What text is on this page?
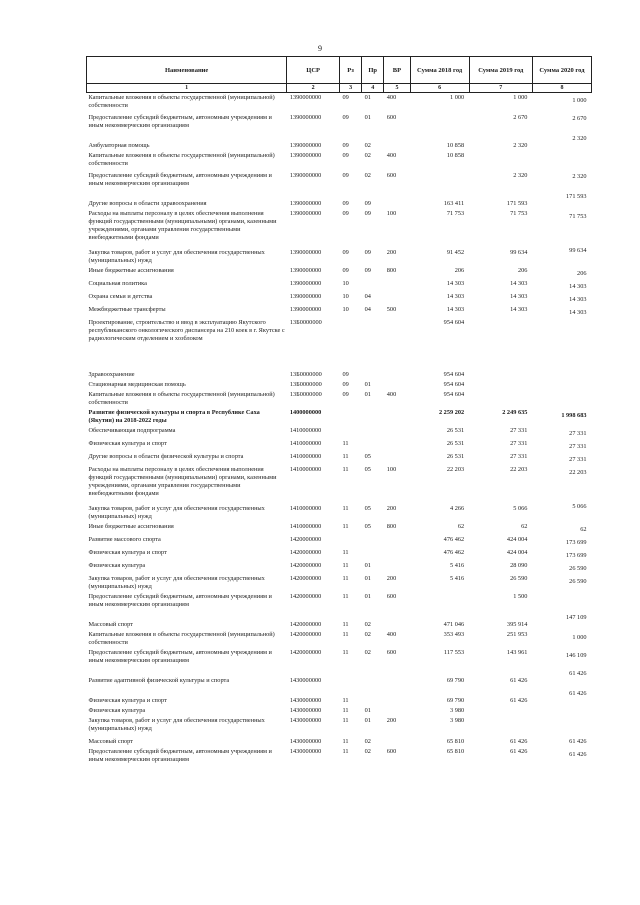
9
Наименование	ЦСР	Рз	Пр	ВР	Сумма 2018 год	Сумма 2019 год	Сумма 2020 год
1	2	3	4	5	6	7	8
Капитальные вложения в объекты государственной (муниципальной) собственности	1390000000	09	01	400	1 000	1 000	1 000
Предоставление субсидий бюджетным, автономным учреждениям и иным некоммерческим организациям	1390000000	09	01	600		2 670	2 670
Амбулаторная помощь	1390000000	09	02		10 858	2 320	2 320
Капитальные вложения в объекты государственной (муниципальной) собственности	1390000000	09	02	400	10 858		
Предоставление субсидий бюджетным, автономным учреждениям и иным некоммерческим организациям	1390000000	09	02	600		2 320	2 320
Другие вопросы в области здравоохранения	1390000000	09	09		163 411	171 593	171 593
Расходы на выплаты персоналу в целях обеспечения выполнения функций государственными (муниципальными) органами, казенными учреждениями, органами управления государственными внебюджетными фондами	1390000000	09	09	100	71 753	71 753	71 753
Закупка товаров, работ и услуг для обеспечения государственных (муниципальных) нужд	1390000000	09	09	200	91 452	99 634	99 634
Иные бюджетные ассигнования	1390000000	09	09	800	206	206	206
Социальная политика	1390000000	10			14 303	14 303	14 303
Охрана семьи и детства	1390000000	10	04		14 303	14 303	14 303
Межбюджетные трансферты	1390000000	10	04	500	14 303	14 303	14 303
Проектирование, строительство и ввод в эксплуатацию Якутского республиканского онкологического диспансера на 210 коек в г. Якутске с радиологическим отделением и хозблоком	13Б0000000				954 604		
Здравоохранение	13Б0000000	09			954 604		
Стационарная медицинская помощь	13Б0000000	09	01		954 604		
Капитальные вложения в объекты государственной (муниципальной) собственности	13Б0000000	09	01	400	954 604		
Развитие физической культуры и спорта в Республике Саха (Якутия) на 2018-2022 годы	1400000000				2 259 202	2 249 635	1 998 683
Обеспечивающая подпрограмма	1410000000				26 531	27 331	27 331
Физическая культура и спорт	1410000000	11			26 531	27 331	27 331
Другие вопросы в области физической культуры и спорта	1410000000	11	05		26 531	27 331	27 331
Расходы на выплаты персоналу в целях обеспечения выполнения функций государственными (муниципальными) органами, казенными учреждениями, органами управления государственными внебюджетными фондами	1410000000	11	05	100	22 203	22 203	22 203
Закупка товаров, работ и услуг для обеспечения государственных (муниципальных) нужд	1410000000	11	05	200	4 266	5 066	5 066
Иные бюджетные ассигнования	1410000000	11	05	800	62	62	62
Развитие массового спорта	1420000000				476 462	424 004	173 699
Физическая культура и спорт	1420000000	11			476 462	424 004	173 699
Физическая культура	1420000000	11	01		5 416	28 090	26 590
Закупка товаров, работ и услуг для обеспечения государственных (муниципальных) нужд	1420000000	11	01	200	5 416	26 590	26 590
Предоставление субсидий бюджетным, автономным учреждениям и иным некоммерческим организациям	1420000000	11	01	600		1 500	
Массовый спорт	1420000000	11	02		471 046	395 914	147 109
Капитальные вложения в объекты государственной (муниципальной) собственности	1420000000	11	02	400	353 493	251 953	1 000
Предоставление субсидий бюджетным, автономным учреждениям и иным некоммерческим организациям	1420000000	11	02	600	117 553	143 961	146 109
Развитие адаптивной физической культуры и спорта	1430000000				69 790	61 426	61 426
Физическая культура и спорт	1430000000	11			69 790	61 426	61 426
Физическая культура	1430000000	11	01		3 980		
Закупка товаров, работ и услуг для обеспечения государственных (муниципальных) нужд	1430000000	11	01	200	3 980		
Массовый спорт	1430000000	11	02		65 810	61 426	61 426
Предоставление субсидий бюджетным, автономным учреждениям и иным некоммерческим организациям	1430000000	11	02	600	65 810	61 426	61 426
